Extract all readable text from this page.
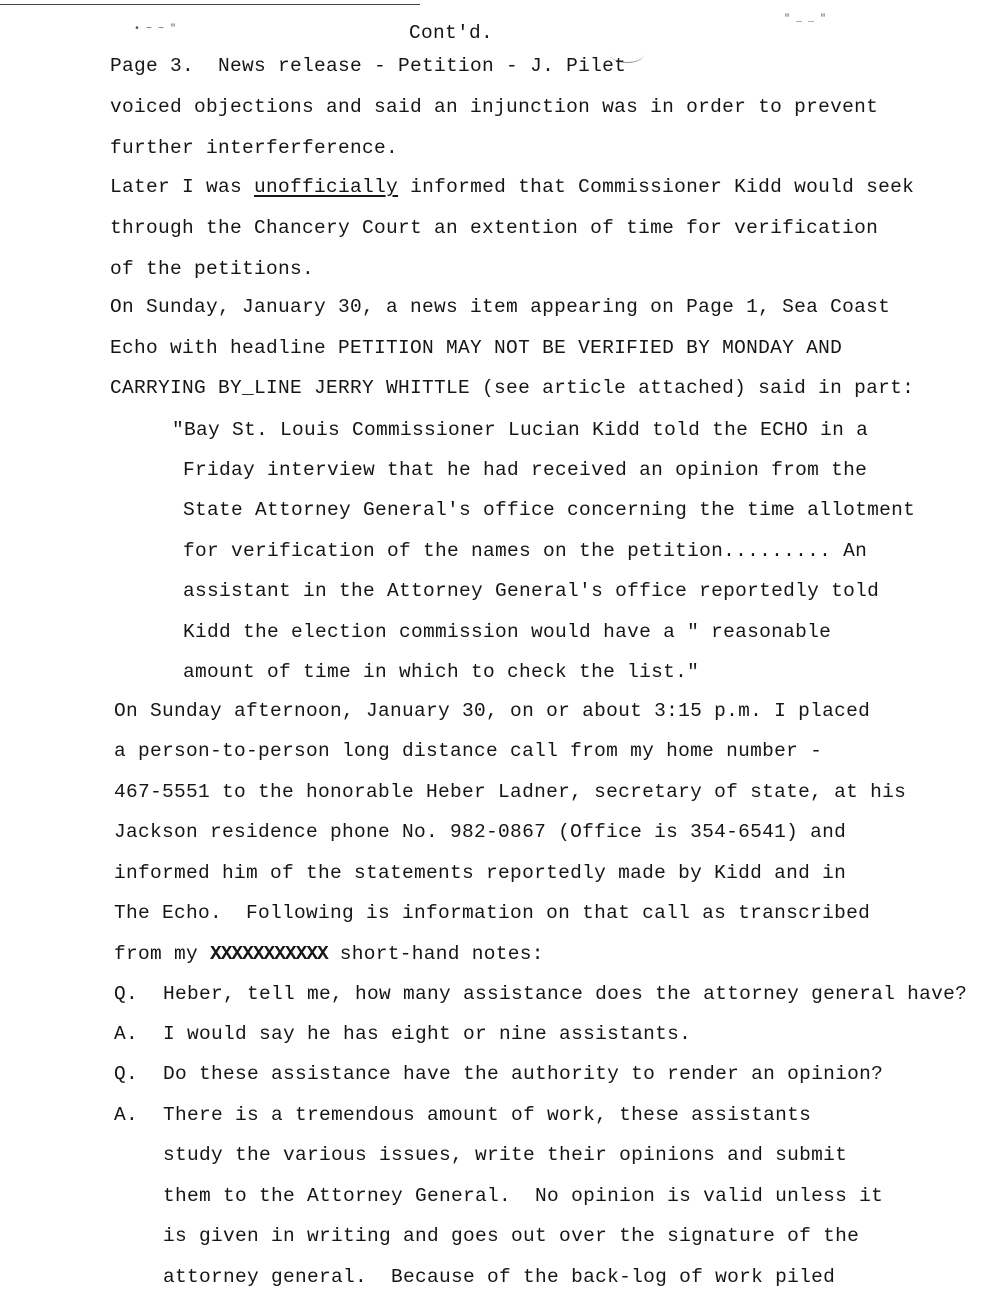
• ~ ~ "
" _ _ "
Cont'd.
Page 3.  News release - Petition - J. Pilet
voiced objections and said an injunction was in order to prevent
further interferference.
Later I was unofficially informed that Commissioner Kidd would seek
through the Chancery Court an extention of time for verification
of the petitions.
On Sunday, January 30, a news item appearing on Page 1, Sea Coast
Echo with headline PETITION MAY NOT BE VERIFIED BY MONDAY AND
CARRYING BY_LINE JERRY WHITTLE (see article attached) said in part:
"Bay St. Louis Commissioner Lucian Kidd told the ECHO in a
Friday interview that he had received an opinion from the
State Attorney General's office concerning the time allotment
for verification of the names on the petition......... An
assistant in the Attorney General's office reportedly told
Kidd the election commission would have a " reasonable
amount of time in which to check the list."
On Sunday afternoon, January 30, on or about 3:15 p.m. I placed
a person-to-person long distance call from my home number -
467-5551 to the honorable Heber Ladner, secretary of state, at his
Jackson residence phone No. 982-0867 (Office is 354-6541) and
informed him of the statements reportedly made by Kidd and in
The Echo.  Following is information on that call as transcribed
from my XXXXXXXXXXX short-hand notes:
Q. Heber, tell me, how many assistance does the attorney general have?
A. I would say he has eight or nine assistants.
Q. Do these assistance have the authority to render an opinion?
A. There is a tremendous amount of work, these assistants
study the various issues, write their opinions and submit
them to the Attorney General.  No opinion is valid unless it
is given in writing and goes out over the signature of the
attorney general.  Because of the back-log of work piled
